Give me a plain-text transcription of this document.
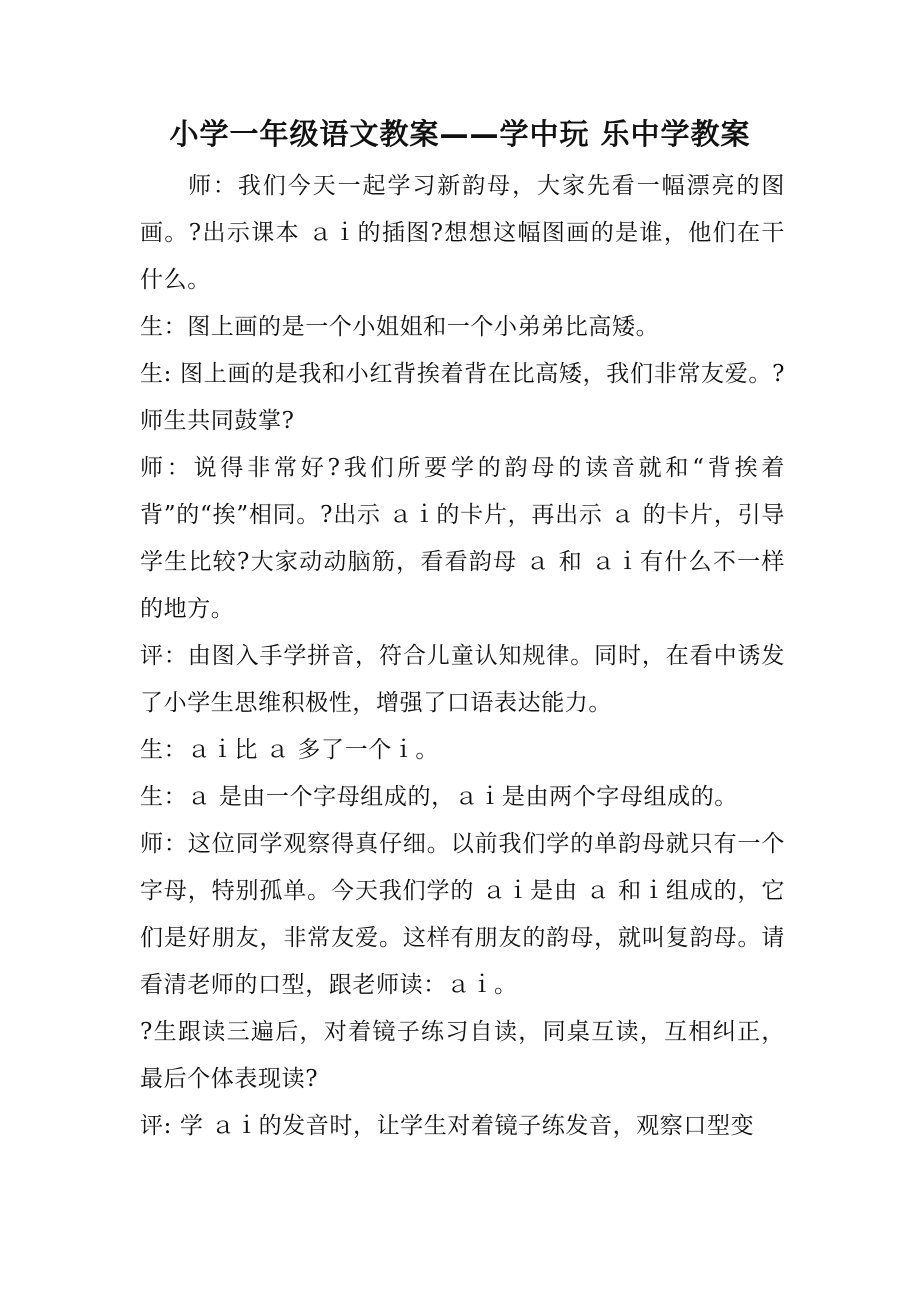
小学一年级语文教案——学中玩 乐中学教案

师：我们今天一起学习新韵母，大家先看一幅漂亮的图画。?出示课本 ａｉ的插图?想想这幅图画的是谁，他们在干什么。

生：图上画的是一个小姐姐和一个小弟弟比高矮。

生: 图上画的是我和小红背挨着背在比高矮，我们非常友爱。?师生共同鼓掌?

师：说得非常好?我们所要学的韵母的读音就和“背挨着背”的“挨”相同。?出示 ａｉ的卡片，再出示 ａ 的卡片，引导学生比较?大家动动脑筋，看看韵母 ａ 和 ａｉ有什么不一样的地方。

评：由图入手学拼音，符合儿童认知规律。同时，在看中诱发了小学生思维积极性，增强了口语表达能力。

生：ａｉ比 ａ 多了一个ｉ。

生：ａ 是由一个字母组成的，ａｉ是由两个字母组成的。

师：这位同学观察得真仔细。以前我们学的单韵母就只有一个字母，特别孤单。今天我们学的 ａｉ是由 ａ 和ｉ组成的，它们是好朋友，非常友爱。这样有朋友的韵母，就叫复韵母。请看清老师的口型，跟老师读：ａｉ。

?生跟读三遍后，对着镜子练习自读，同桌互读，互相纠正，最后个体表现读?

评: 学 ａｉ的发音时，让学生对着镜子练发音，观察口型变
